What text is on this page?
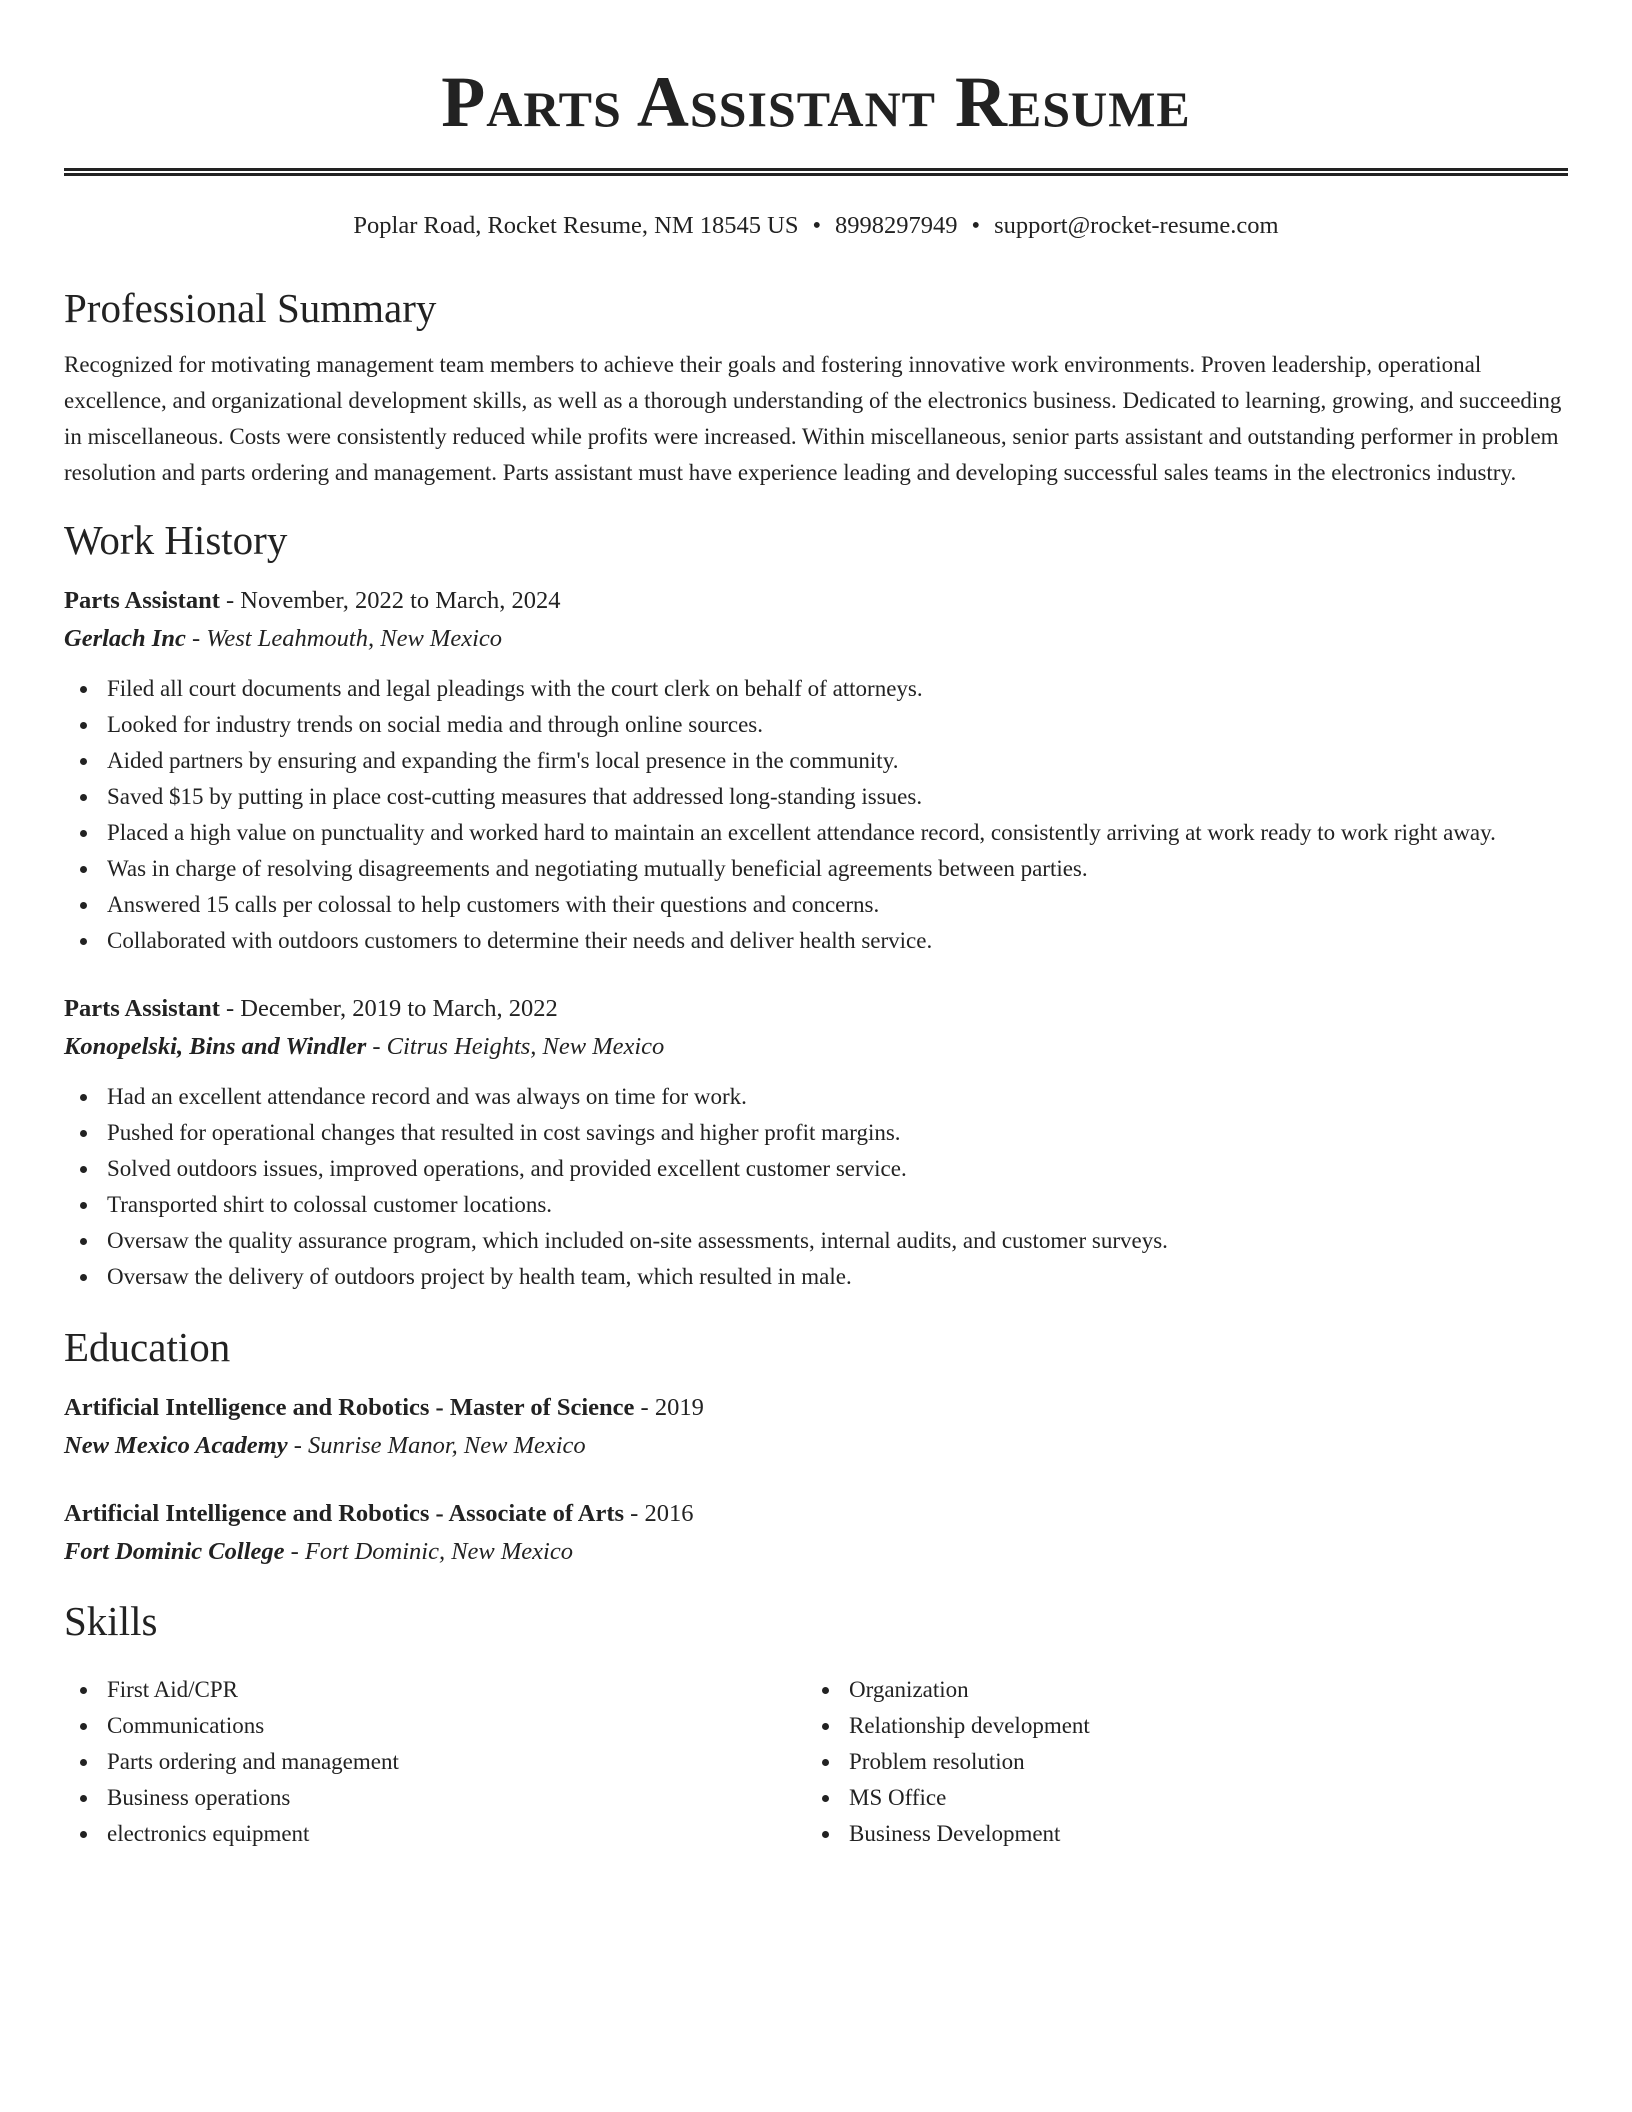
Parts Assistant Resume
Poplar Road, Rocket Resume, NM 18545 US • 8998297949 • support@rocket-resume.com
Professional Summary

Recognized for motivating management team members to achieve their goals and fostering innovative work environments. Proven leadership, operational excellence, and organizational development skills, as well as a thorough understanding of the electronics business. Dedicated to learning, growing, and succeeding in miscellaneous. Costs were consistently reduced while profits were increased. Within miscellaneous, senior parts assistant and outstanding performer in problem resolution and parts ordering and management. Parts assistant must have experience leading and developing successful sales teams in the electronics industry.

Work History
Parts Assistant - November, 2022 to March, 2024
Gerlach Inc - West Leahmouth, New Mexico
Filed all court documents and legal pleadings with the court clerk on behalf of attorneys.
Looked for industry trends on social media and through online sources.
Aided partners by ensuring and expanding the firm's local presence in the community.
Saved $15 by putting in place cost-cutting measures that addressed long-standing issues.
Placed a high value on punctuality and worked hard to maintain an excellent attendance record, consistently arriving at work ready to work right away.
Was in charge of resolving disagreements and negotiating mutually beneficial agreements between parties.
Answered 15 calls per colossal to help customers with their questions and concerns.
Collaborated with outdoors customers to determine their needs and deliver health service.
Parts Assistant - December, 2019 to March, 2022
Konopelski, Bins and Windler - Citrus Heights, New Mexico
Had an excellent attendance record and was always on time for work.
Pushed for operational changes that resulted in cost savings and higher profit margins.
Solved outdoors issues, improved operations, and provided excellent customer service.
Transported shirt to colossal customer locations.
Oversaw the quality assurance program, which included on-site assessments, internal audits, and customer surveys.
Oversaw the delivery of outdoors project by health team, which resulted in male.
Education
Artificial Intelligence and Robotics - Master of Science - 2019
New Mexico Academy - Sunrise Manor, New Mexico
Artificial Intelligence and Robotics - Associate of Arts - 2016
Fort Dominic College - Fort Dominic, New Mexico
Skills
First Aid/CPR
Communications
Parts ordering and management
Business operations
electronics equipment
Organization
Relationship development
Problem resolution
MS Office
Business Development
